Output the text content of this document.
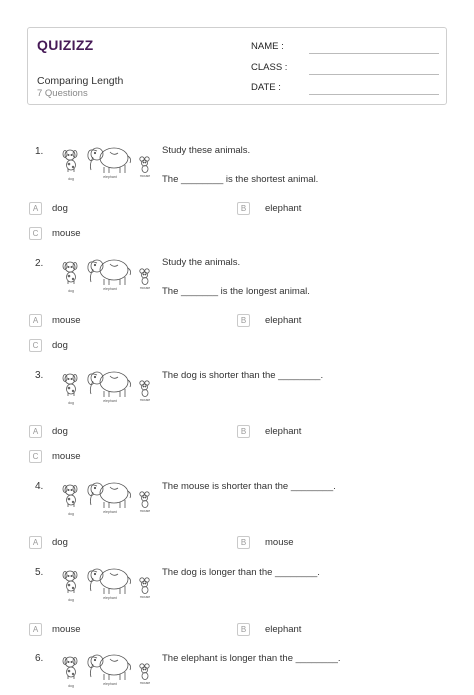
QUIZIZZ
Comparing Length
7 Questions
NAME :
CLASS :
DATE :
1.
dog	elephant	mouse
Study these animals.
The ________ is the shortest animal.
A	dog	B	elephant
C	mouse
2.
dog	elephant	mouse
Study the animals.
The _______ is the longest animal.
A	mouse	B	elephant
C	dog
3.
dog	elephant	mouse
The dog is shorter than the ________.
A	dog	B	elephant
C	mouse
4.
dog	elephant	mouse
The mouse is shorter than the ________.
A	dog	B	mouse
5.
dog	elephant	mouse
The dog is longer than the ________.
A	mouse	B	elephant
6.
dog	elephant	mouse
The elephant is longer than the ________.
